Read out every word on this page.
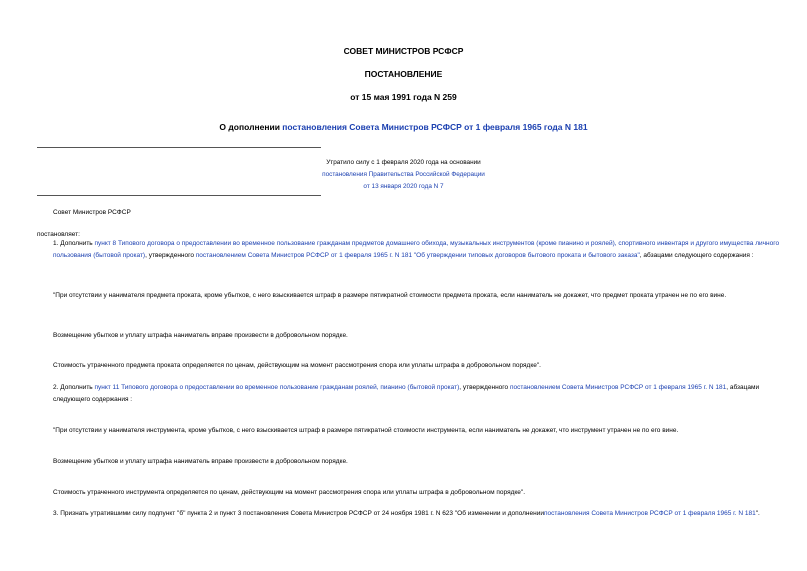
СОВЕТ МИНИСТРОВ РСФСР
ПОСТАНОВЛЕНИЕ
от 15 мая 1991 года N 259
О дополнении постановления Совета Министров РСФСР от 1 февраля 1965 года N 181
Утратило силу с 1 февраля 2020 года на основании
постановления Правительства Российской Федерации
от 13 января 2020 года N 7
Совет Министров РСФСР
постановляет:
1. Дополнить пункт 8 Типового договора о предоставлении во временное пользование гражданам предметов домашнего обихода, музыкальных инструментов (кроме пианино и роялей), спортивного инвентаря и другого имущества личного пользования (бытовой прокат), утвержденного постановлением Совета Министров РСФСР от 1 февраля 1965 г. N 181 "Об утверждении типовых договоров бытового проката и бытового заказа", абзацами следующего содержания :
"При отсутствии у нанимателя предмета проката, кроме убытков, с него взыскивается штраф в размере пятикратной стоимости предмета проката, если наниматель не докажет, что предмет проката утрачен не по его вине.
Возмещение убытков и уплату штрафа наниматель вправе произвести в добровольном порядке.
Стоимость утраченного предмета проката определяется по ценам, действующим на момент рассмотрения спора или уплаты штрафа в добровольном порядке".
2. Дополнить пункт 11 Типового договора о предоставлении во временное пользование гражданам роялей, пианино (бытовой прокат), утвержденного постановлением Совета Министров РСФСР от 1 февраля 1965 г. N 181, абзацами следующего содержания :
"При отсутствии у нанимателя инструмента, кроме убытков, с него взыскивается штраф в размере пятикратной стоимости инструмента, если наниматель не докажет, что инструмент утрачен не по его вине.
Возмещение убытков и уплату штрафа наниматель вправе произвести в добровольном порядке.
Стоимость утраченного инструмента определяется по ценам, действующим на момент рассмотрения спора или уплаты штрафа в добровольном порядке".
3. Признать утратившими силу подпункт "б" пункта 2 и пункт 3 постановления Совета Министров РСФСР от 24 ноября 1981 г. N 623 "Об изменении и дополнениипостановления Совета Министров РСФСР от 1 февраля 1965 г. N 181".
